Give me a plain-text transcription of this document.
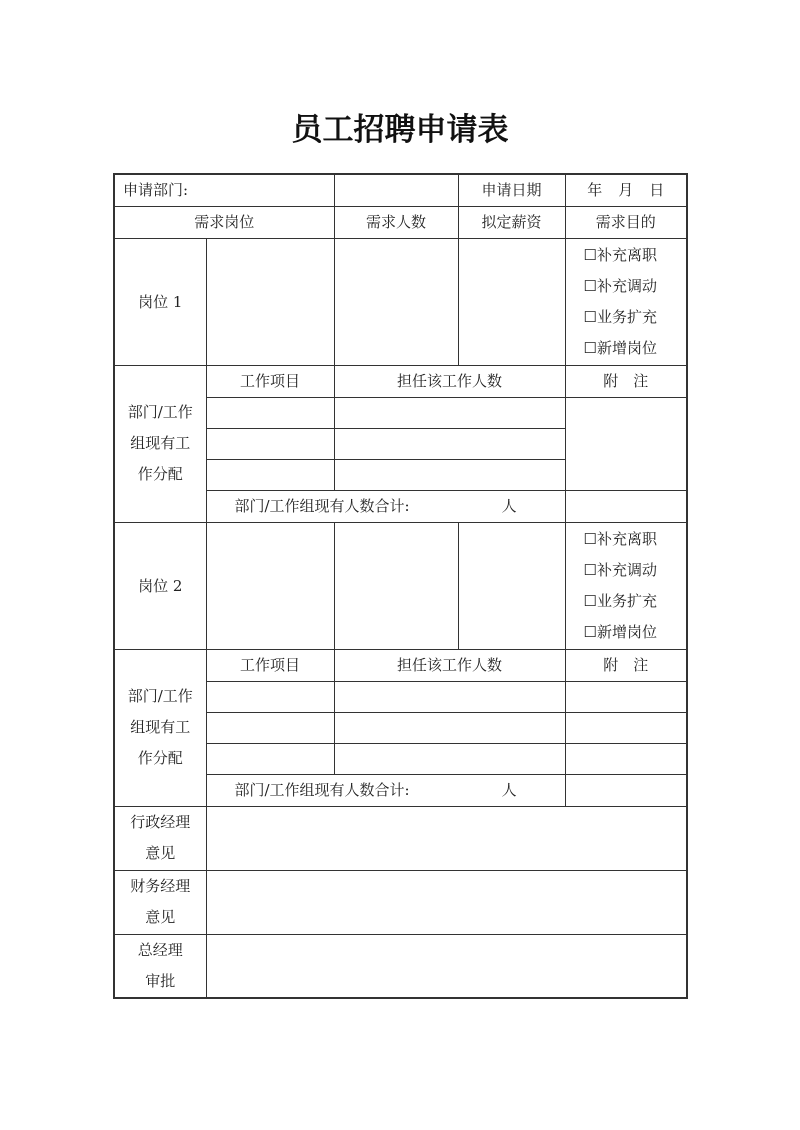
员工招聘申请表
申请部门:			申请日期	年 月 日
需求岗位		需求人数	拟定薪资	需求目的
岗位 1				☐补充离职
☐补充调动
☐业务扩充
☐新增岗位

部门/工作
组现有工
作分配	工作项目	担任该工作人数		附　注

	部门/工作组现有人数合计: 人			
岗位 2				☐补充离职
☐补充调动
☐业务扩充
☐新增岗位

部门/工作
组现有工
作分配	工作项目	担任该工作人数		附　注

	部门/工作组现有人数合计: 人			

行政经理
意见				

财务经理
意见				

总经理
审批				
